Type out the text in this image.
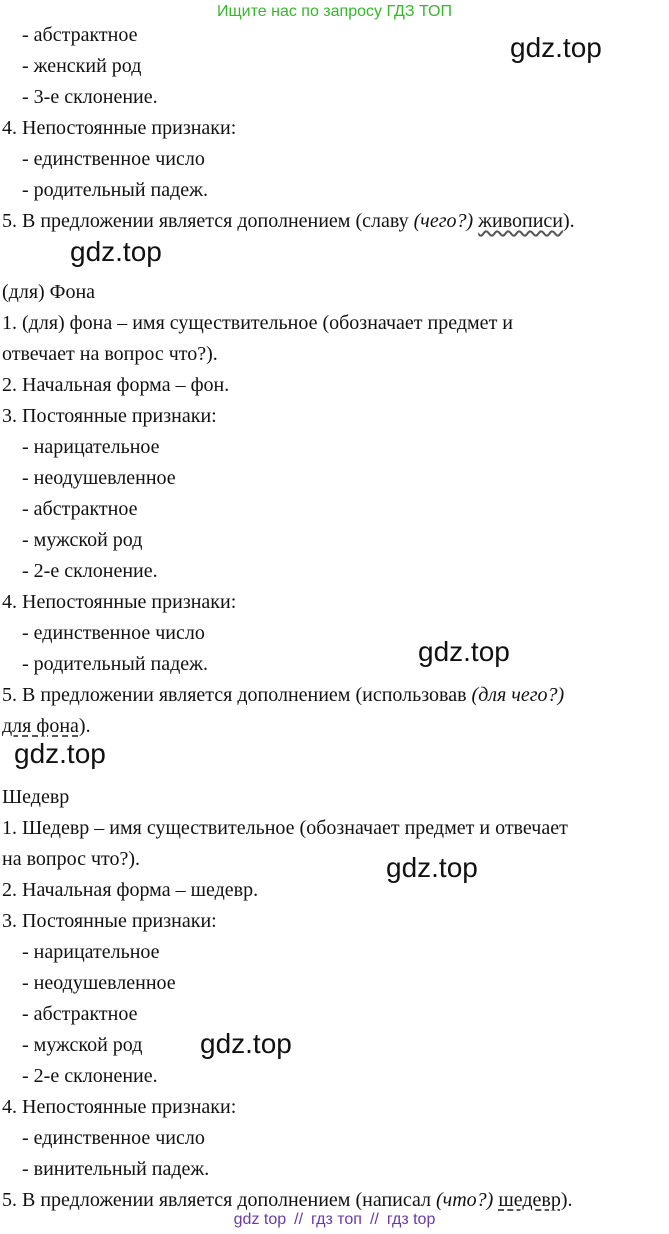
Ищите нас по запросу ГДЗ ТОП
- абстрактное
- женский род
- 3-е склонение.
4. Непостоянные признаки:
- единственное число
- родительный падеж.
5. В предложении является дополнением (славу (чего?) живописи).
(для) Фона
1. (для) фона – имя существительное (обозначает предмет и
отвечает на вопрос что?).
2. Начальная форма – фон.
3. Постоянные признаки:
- нарицательное
- неодушевленное
- абстрактное
- мужской род
- 2-е склонение.
4. Непостоянные признаки:
- единственное число
- родительный падеж.
5. В предложении является дополнением (использовав (для чего?)
для фона).
Шедевр
1. Шедевр – имя существительное (обозначает предмет и отвечает
на вопрос что?).
2. Начальная форма – шедевр.
3. Постоянные признаки:
- нарицательное
- неодушевленное
- абстрактное
- мужской род
- 2-е склонение.
4. Непостоянные признаки:
- единственное число
- винительный падеж.
5. В предложении является дополнением (написал (что?) шедевр).
gdz.top
gdz.top
gdz.top
gdz.top
gdz.top
gdz.top
gdz top // гдз топ // гдз top
